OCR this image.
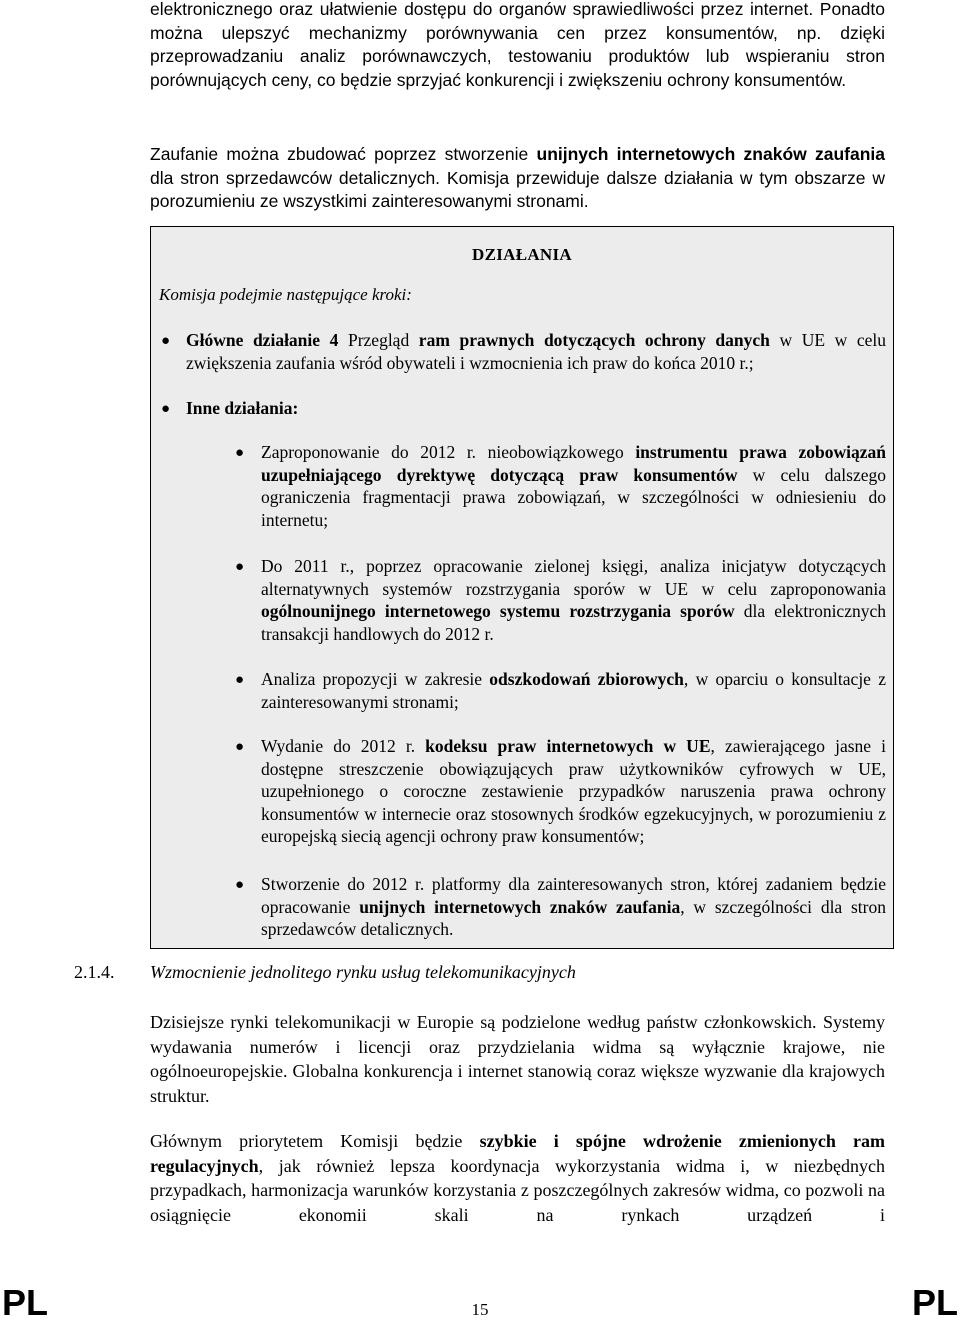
elektronicznego oraz ułatwienie dostępu do organów sprawiedliwości przez internet. Ponadto można ulepszyć mechanizmy porównywania cen przez konsumentów, np. dzięki przeprowadzaniu analiz porównawczych, testowaniu produktów lub wspieraniu stron porównujących ceny, co będzie sprzyjać konkurencji i zwiększeniu ochrony konsumentów.
Zaufanie można zbudować poprzez stworzenie unijnych internetowych znaków zaufania dla stron sprzedawców detalicznych. Komisja przewiduje dalsze działania w tym obszarze w porozumieniu ze wszystkimi zainteresowanymi stronami.
DZIAŁANIA
Komisja podejmie następujące kroki:
● Główne działanie 4 Przegląd ram prawnych dotyczących ochrony danych w UE w celu zwiększenia zaufania wśród obywateli i wzmocnienia ich praw do końca 2010 r.;
● Inne działania:
● Zaproponowanie do 2012 r. nieobowiązkowego instrumentu prawa zobowiązań uzupełniającego dyrektywę dotyczącą praw konsumentów w celu dalszego ograniczenia fragmentacji prawa zobowiązań, w szczególności w odniesieniu do internetu;
● Do 2011 r., poprzez opracowanie zielonej księgi, analiza inicjatyw dotyczących alternatywnych systemów rozstrzygania sporów w UE w celu zaproponowania ogólnounijnego internetowego systemu rozstrzygania sporów dla elektronicznych transakcji handlowych do 2012 r.
● Analiza propozycji w zakresie odszkodowań zbiorowych, w oparciu o konsultacje z zainteresowanymi stronami;
● Wydanie do 2012 r. kodeksu praw internetowych w UE, zawierającego jasne i dostępne streszczenie obowiązujących praw użytkowników cyfrowych w UE, uzupełnionego o coroczne zestawienie przypadków naruszenia prawa ochrony konsumentów w internecie oraz stosownych środków egzekucyjnych, w porozumieniu z europejską siecią agencji ochrony praw konsumentów;
● Stworzenie do 2012 r. platformy dla zainteresowanych stron, której zadaniem będzie opracowanie unijnych internetowych znaków zaufania, w szczególności dla stron sprzedawców detalicznych.
2.1.4. Wzmocnienie jednolitego rynku usług telekomunikacyjnych
Dzisiejsze rynki telekomunikacji w Europie są podzielone według państw członkowskich. Systemy wydawania numerów i licencji oraz przydzielania widma są wyłącznie krajowe, nie ogólnoeuropejskie. Globalna konkurencja i internet stanowią coraz większe wyzwanie dla krajowych struktur.
Głównym priorytetem Komisji będzie szybkie i spójne wdrożenie zmienionych ram regulacyjnych, jak również lepsza koordynacja wykorzystania widma i, w niezbędnych przypadkach, harmonizacja warunków korzystania z poszczególnych zakresów widma, co pozwoli na osiągnięcie ekonomii skali na rynkach urządzeń i
PL	15	PL
